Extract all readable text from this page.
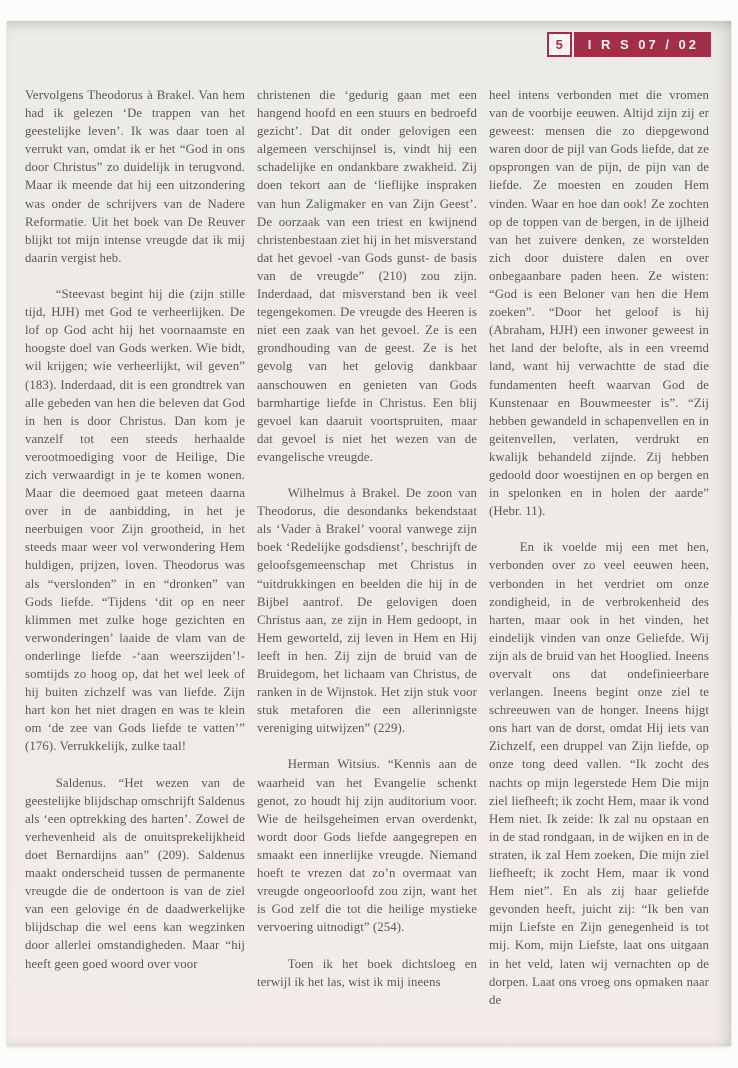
5 I R S 07 / 02

Vervolgens Theodorus à Brakel. Van hem had ik gelezen ‘De trappen van het geestelijke leven’. Ik was daar toen al verrukt van, omdat ik er het “God in ons door Christus” zo duidelijk in terugvond. Maar ik meende dat hij een uitzondering was onder de schrijvers van de Nadere Reformatie. Uit het boek van De Reuver blijkt tot mijn intense vreugde dat ik mij daarin vergist heb.

“Steevast begint hij die (zijn stille tijd, HJH) met God te verheerlijken. De lof op God acht hij het voornaamste en hoogste doel van Gods werken. Wie bidt, wil krijgen; wie verheerlijkt, wil geven” (183). Inderdaad, dit is een grondtrek van alle gebeden van hen die beleven dat God in hen is door Christus. Dan kom je vanzelf tot een steeds herhaalde verootmoediging voor de Heilige, Die zich verwaardigt in je te komen wonen. Maar die deemoed gaat meteen daarna over in de aanbidding, in het je neerbuigen voor Zijn grootheid, in het steeds maar weer vol verwondering Hem huldigen, prijzen, loven. Theodorus was als “verslonden” in en “dronken” van Gods liefde. “Tijdens ‘dit op en neer klimmen met zulke hoge gezichten en verwonderingen’ laaide de vlam van de onderlinge liefde -‘aan weerszijden’!- somtijds zo hoog op, dat het wel leek of hij buiten zichzelf was van liefde. Zijn hart kon het niet dragen en was te klein om ‘de zee van Gods liefde te vatten’” (176). Verrukkelijk, zulke taal!

Saldenus. “Het wezen van de geestelijke blijdschap omschrijft Saldenus als ‘een optrekking des harten’. Zowel de verhevenheid als de onuitsprekelijkheid doet Bernardijns aan” (209). Saldenus maakt onderscheid tussen de permanente vreugde die de ondertoon is van de ziel van een gelovige én de daadwerkelijke blijdschap die wel eens kan wegzinken door allerlei omstandigheden. Maar “hij heeft geen goed woord over voor

christenen die ‘gedurig gaan met een hangend hoofd en een stuurs en bedroefd gezicht’. Dat dit onder gelovigen een algemeen verschijnsel is, vindt hij een schadelijke en ondankbare zwakheid. Zij doen tekort aan de ‘lieflijke inspraken van hun Zaligmaker en van Zijn Geest’. De oorzaak van een triest en kwijnend christenbestaan ziet hij in het misverstand dat het gevoel -van Gods gunst- de basis van de vreugde” (210) zou zijn. Inderdaad, dat misverstand ben ik veel tegengekomen. De vreugde des Heeren is niet een zaak van het gevoel. Ze is een grondhouding van de geest. Ze is het gevolg van het gelovig dankbaar aanschouwen en genieten van Gods barmhartige liefde in Christus. Een blij gevoel kan daaruit voortspruiten, maar dat gevoel is niet het wezen van de evangelische vreugde.

Wilhelmus à Brakel. De zoon van Theodorus, die desondanks bekendstaat als ‘Vader à Brakel’ vooral vanwege zijn boek ‘Redelijke godsdienst’, beschrijft de geloofsgemeenschap met Christus in “uitdrukkingen en beelden die hij in de Bijbel aantrof. De gelovigen doen Christus aan, ze zijn in Hem gedoopt, in Hem geworteld, zij leven in Hem en Hij leeft in hen. Zij zijn de bruid van de Bruidegom, het lichaam van Christus, de ranken in de Wijnstok. Het zijn stuk voor stuk metaforen die een allerinnigste vereniging uitwijzen” (229).

Herman Witsius. “Kennis aan de waarheid van het Evangelie schenkt genot, zo houdt hij zijn auditorium voor. Wie de heilsgeheimen ervan overdenkt, wordt door Gods liefde aangegrepen en smaakt een innerlijke vreugde. Niemand hoeft te vrezen dat zo’n overmaat van vreugde ongeoorloofd zou zijn, want het is God zelf die tot die heilige mystieke vervoering uitnodigt” (254).

Toen ik het boek dichtsloeg en terwijl ik het las, wist ik mij ineens

heel intens verbonden met die vromen van de voorbije eeuwen. Altijd zijn zij er geweest: mensen die zo diepgewond waren door de pijl van Gods liefde, dat ze opsprongen van de pijn, de pijn van de liefde. Ze moesten en zouden Hem vinden. Waar en hoe dan ook! Ze zochten op de toppen van de bergen, in de ijlheid van het zuivere denken, ze worstelden zich door duistere dalen en over onbegaanbare paden heen. Ze wisten: “God is een Beloner van hen die Hem zoeken”. “Door het geloof is hij (Abraham, HJH) een inwoner geweest in het land der belofte, als in een vreemd land, want hij verwachtte de stad die fundamenten heeft waarvan God de Kunstenaar en Bouwmeester is”. “Zij hebben gewandeld in schapenvellen en in geitenvellen, verlaten, verdrukt en kwalijk behandeld zijnde. Zij hebben gedoold door woestijnen en op bergen en in spelonken en in holen der aarde” (Hebr. 11).

En ik voelde mij een met hen, verbonden over zo veel eeuwen heen, verbonden in het verdriet om onze zondigheid, in de verbrokenheid des harten, maar ook in het vinden, het eindelijk vinden van onze Geliefde. Wij zijn als de bruid van het Hooglied. Ineens overvalt ons dat ondefinieerbare verlangen. Ineens begint onze ziel te schreeuwen van de honger. Ineens hijgt ons hart van de dorst, omdat Hij iets van Zichzelf, een druppel van Zijn liefde, op onze tong deed vallen. “Ik zocht des nachts op mijn legerstede Hem Die mijn ziel liefheeft; ik zocht Hem, maar ik vond Hem niet. Ik zeide: Ik zal nu opstaan en in de stad rondgaan, in de wijken en in de straten, ik zal Hem zoeken, Die mijn ziel liefheeft; ik zocht Hem, maar ik vond Hem niet”. En als zij haar geliefde gevonden heeft, juicht zij: “Ik ben van mijn Liefste en Zijn genegenheid is tot mij. Kom, mijn Liefste, laat ons uitgaan in het veld, laten wij vernachten op de dorpen. Laat ons vroeg ons opmaken naar de
